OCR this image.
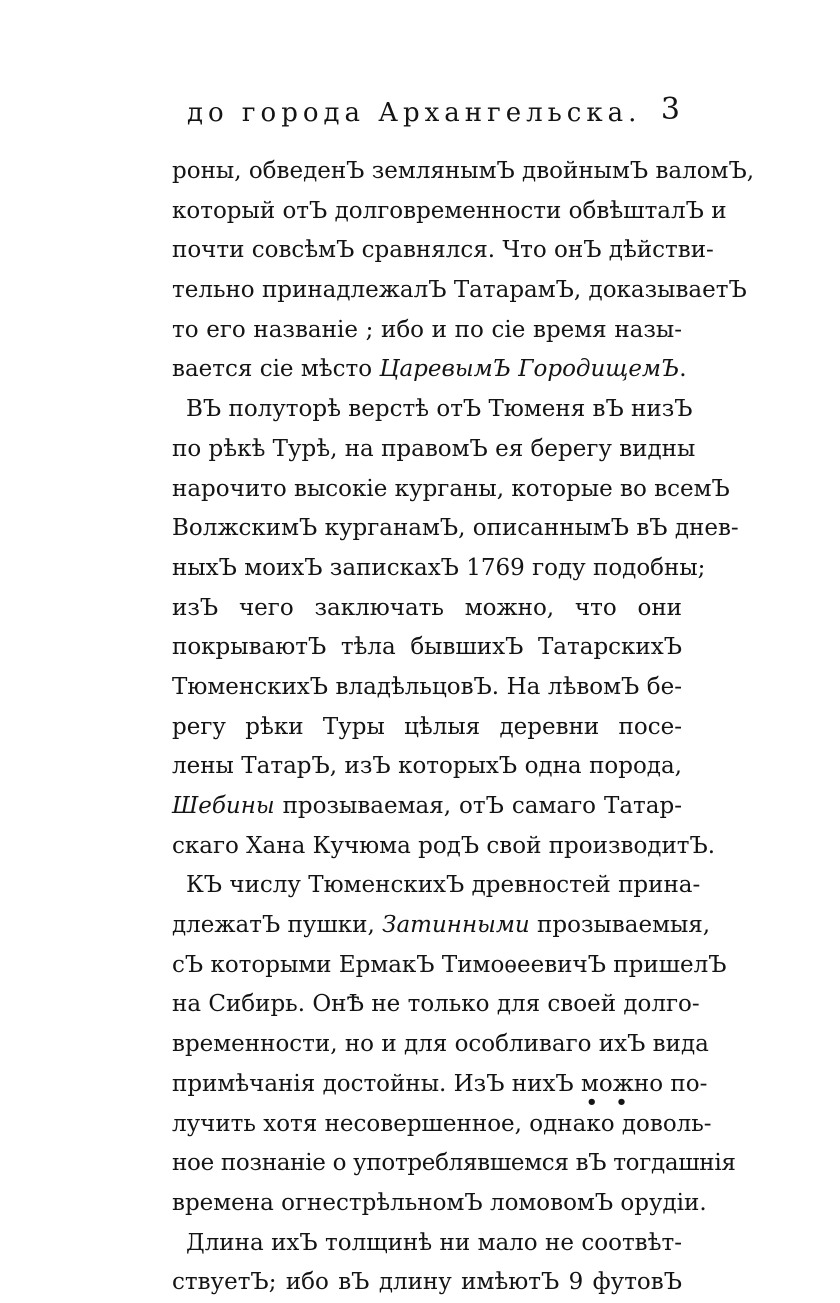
до города Архангельска. 3
роны, обведенЪ землянымЪ двойнымЪ валомЪ,
который отЪ долговременности обвѣшталЪ и
почти совсѣмЪ сравнялся. Что онЪ дѣйстви-
тельно принадлежалЪ ТатарамЪ, доказываетЪ
то его названіе ; ибо и по сіе время назы-
вается сіе мѣсто ЦаревымЪ ГородищемЪ.
ВЪ полуторѣ верстѣ отЪ Тюменя вЪ низЪ
по рѣкѣ Турѣ, на правомЪ ея берегу видны
нарочито высокіе курганы, которые во всемЪ
ВолжскимЪ курганамЪ, описаннымЪ вЪ днев-
ныхЪ моихЪ запискахЪ 1769 году подобны;
изЪ чего заключать можно, что они
покрываютЪ тѣла бывшихЪ ТатарскихЪ
ТюменскихЪ владѣльцовЪ. На лѣвомЪ бе-
регу рѣки Туры цѣлыя деревни посе-
лены ТатарЪ, изЪ которыхЪ одна порода,
Шебины прозываемая, отЪ самаго Татар-
скаго Хана Кучюма родЪ свой производитЪ.
КЪ числу ТюменскихЪ древностей прина-
длежатЪ пушки, Затинными прозываемыя,
сЪ которыми ЕрмакЪ ТимоѳеевичЪ пришелЪ
на Сибирь. ОнѢ не только для своей долго-
временности, но и для особливаго ихЪ вида
примѣчанія достойны. ИзЪ нихЪ можно по-
лучить хотя несовершенное, однако доволь-
ное познаніе о употреблявшемся вЪ тогдашнія
времена огнестрѣльномЪ ломовомЪ орудіи.
Длина ихЪ толщинѣ ни мало не соотвѣт-
ствуетЪ; ибо вЪ длину имѣютЪ 9 футовЪ
• •
